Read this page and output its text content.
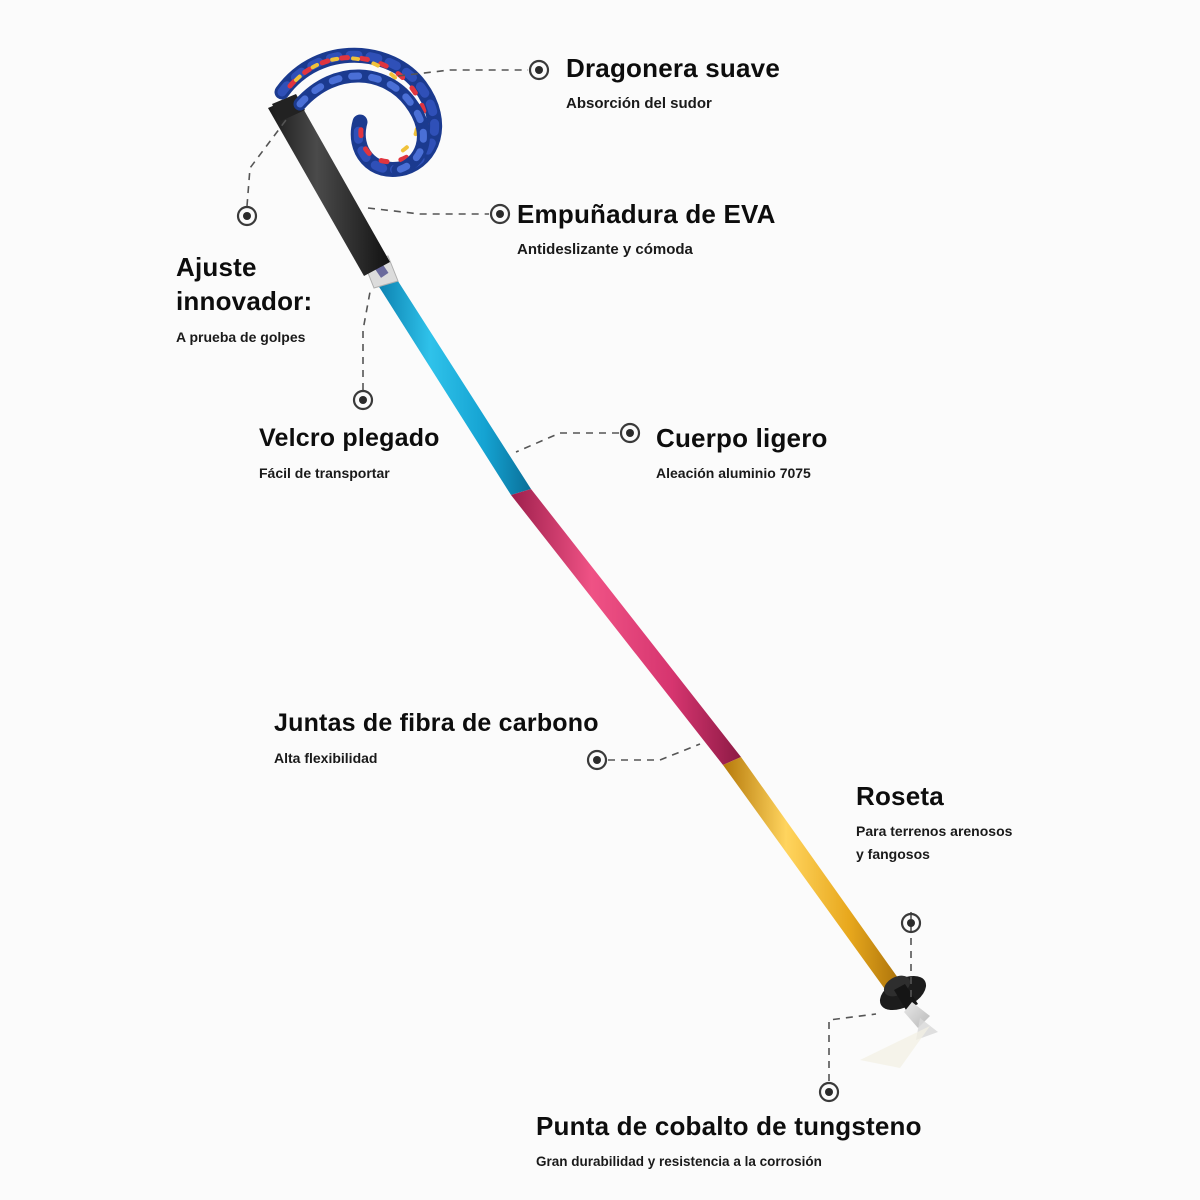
Dragonera suave
Absorción del sudor
Empuñadura de EVA
Antideslizante y cómoda
Ajuste innovador:
A prueba de golpes
Velcro plegado
Fácil de transportar
Cuerpo ligero
Aleación aluminio 7075
Juntas de fibra de carbono
Alta flexibilidad
Roseta
Para terrenos arenosos
y fangosos
Punta de cobalto de tungsteno
Gran durabilidad y resistencia a la corrosión
